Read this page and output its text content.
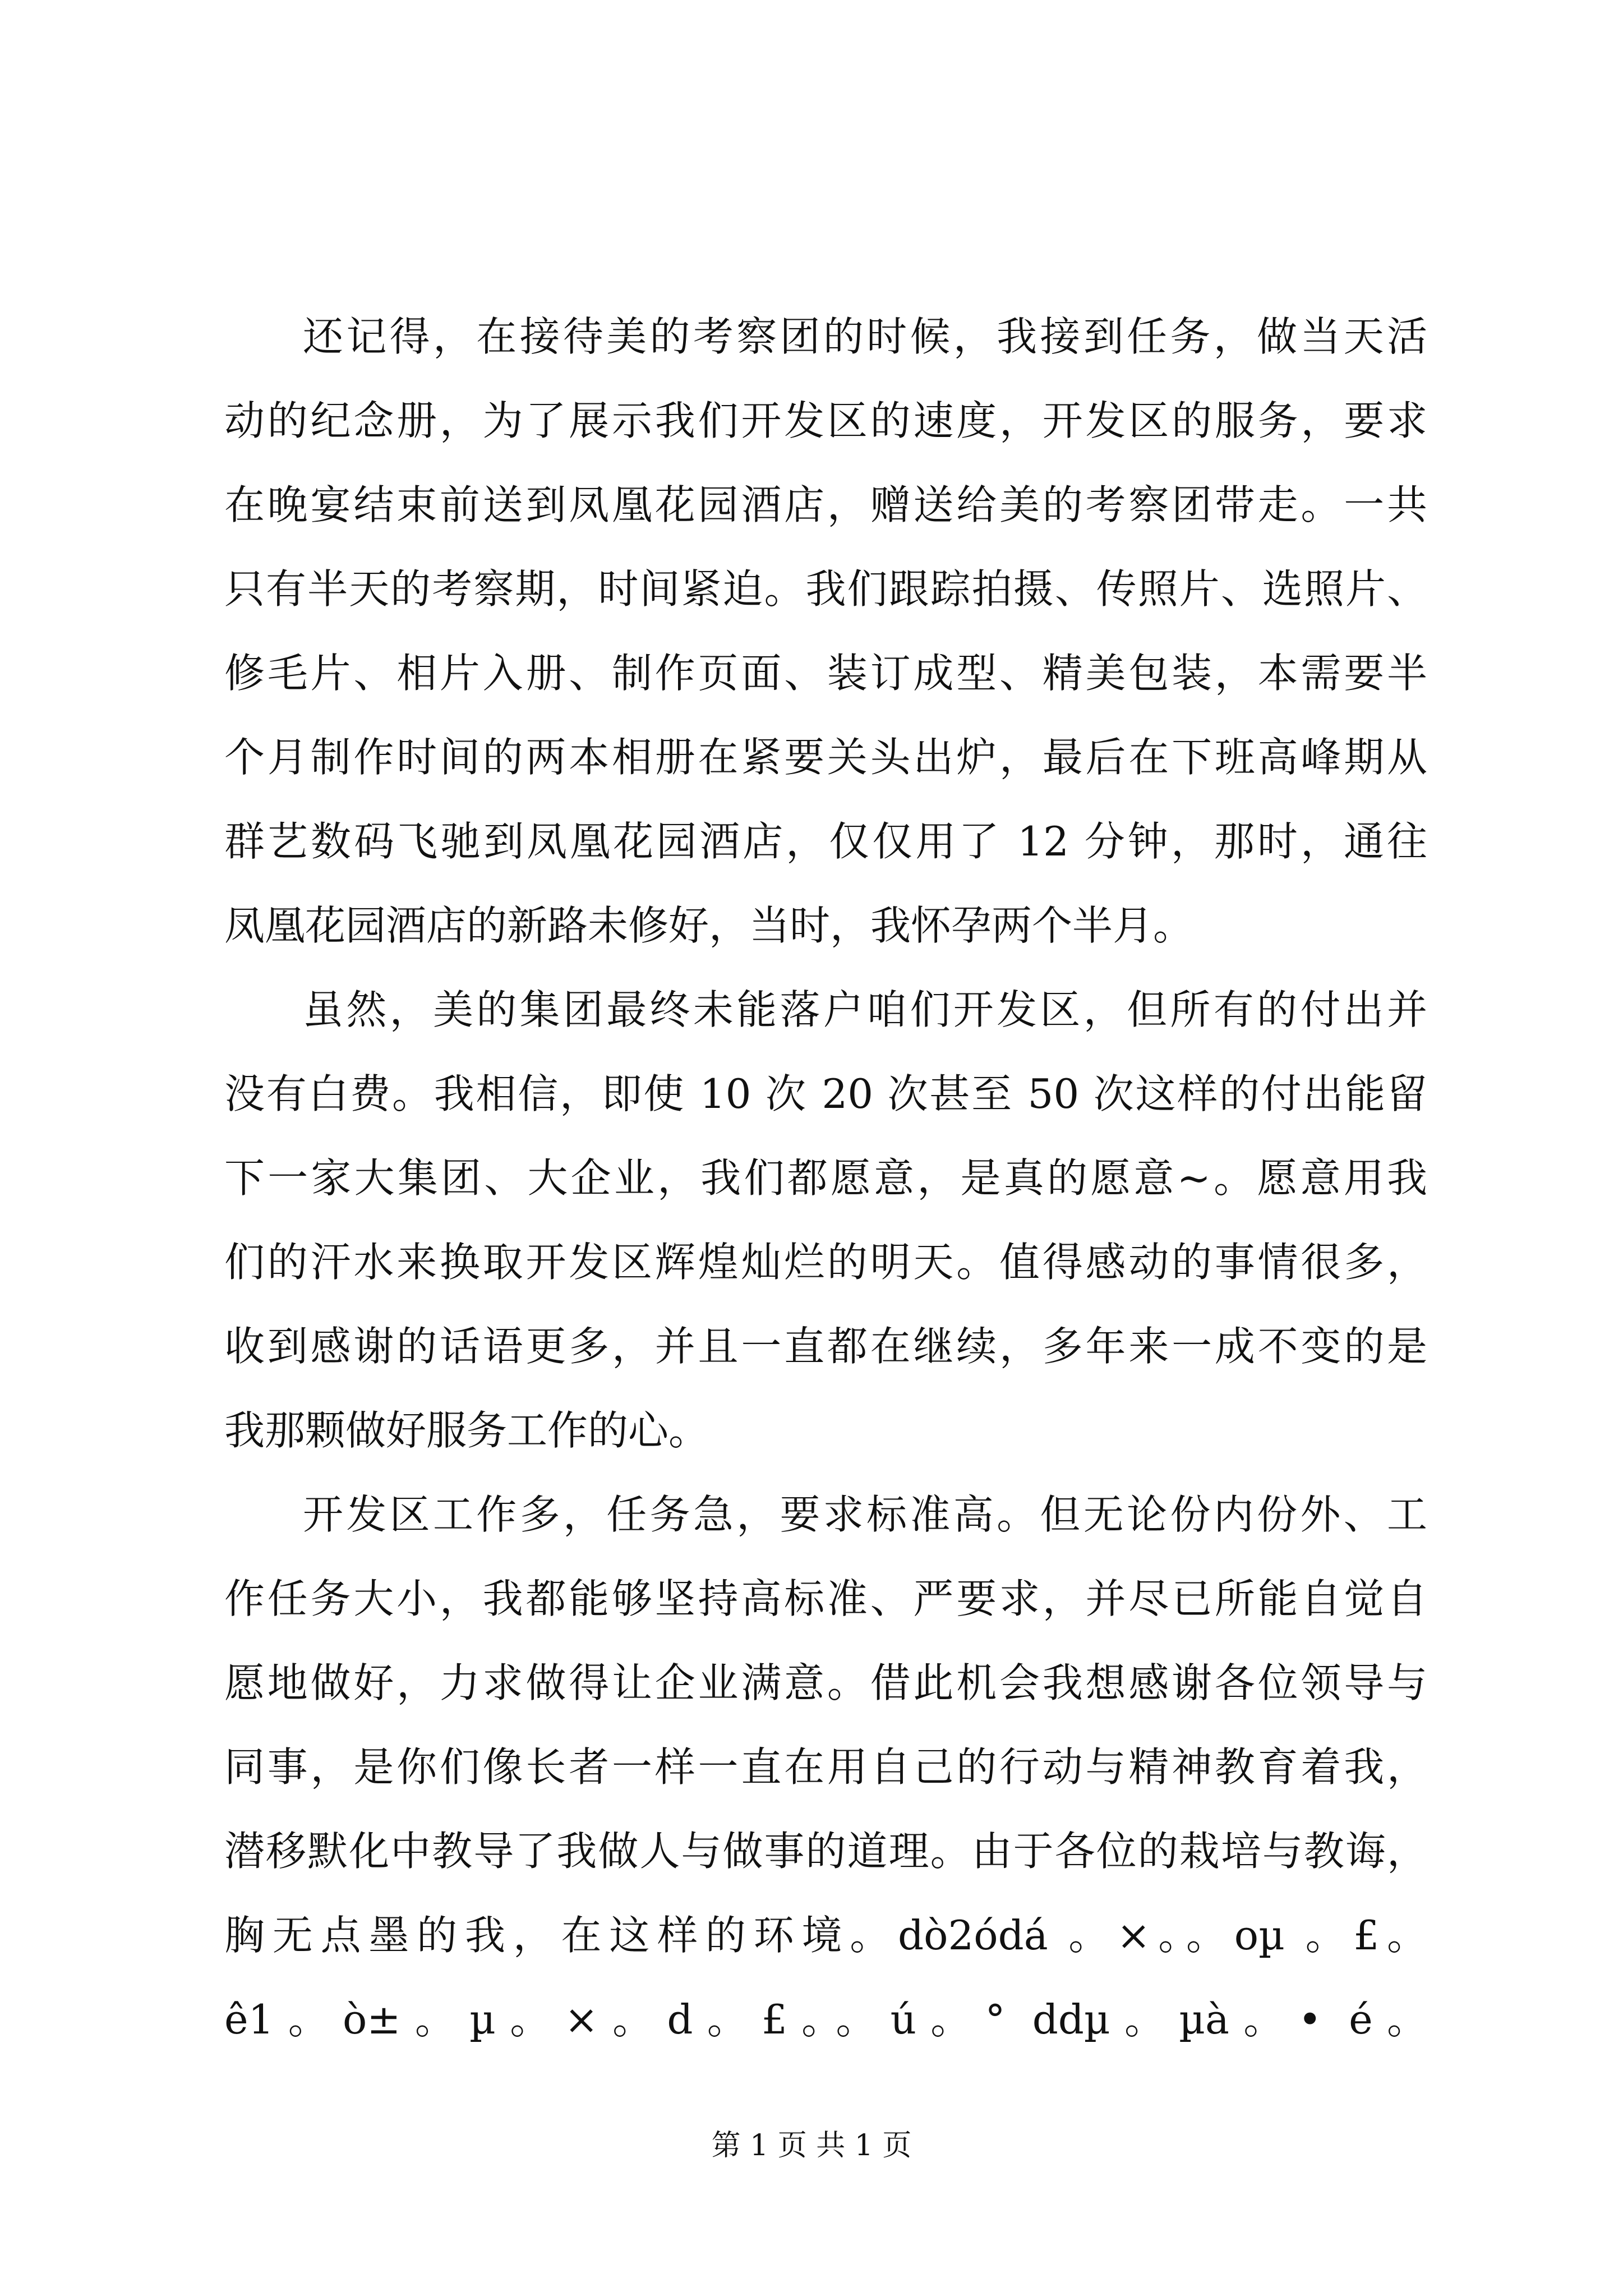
还记得，在接待美的考察团的时候，我接到任务，做当天活
动的纪念册，为了展示我们开发区的速度，开发区的服务，要求
在晚宴结束前送到凤凰花园酒店，赠送给美的考察团带走。一共
只有半天的考察期，时间紧迫。我们跟踪拍摄、传照片、选照片、
修毛片、相片入册、制作页面、装订成型、精美包装，本需要半
个月制作时间的两本相册在紧要关头出炉，最后在下班高峰期从
群艺数码飞驰到凤凰花园酒店，仅仅用了 12 分钟，那时，通往
凤凰花园酒店的新路未修好，当时，我怀孕两个半月。
虽然，美的集团最终未能落户咱们开发区，但所有的付出并
没有白费。我相信，即使 10 次 20 次甚至 50 次这样的付出能留
下一家大集团、大企业，我们都愿意，是真的愿意~。愿意用我
们的汗水来换取开发区辉煌灿烂的明天。值得感动的事情很多，
收到感谢的话语更多，并且一直都在继续，多年来一成不变的是
我那颗做好服务工作的心。
开发区工作多，任务急，要求标准高。但无论份内份外、工
作任务大小，我都能够坚持高标准、严要求，并尽已所能自觉自
愿地做好，力求做得让企业满意。借此机会我想感谢各位领导与
同事，是你们像长者一样一直在用自己的行动与精神教育着我，
潜移默化中教导了我做人与做事的道理。由于各位的栽培与教诲，
胸无点墨的我，在这样的环境。dò2ódá 。×。。oµ 。£。
ê1。ò±。µ。×。d。£。。ú。° ddµ。µà。• é。
第 1 页 共 1 页
